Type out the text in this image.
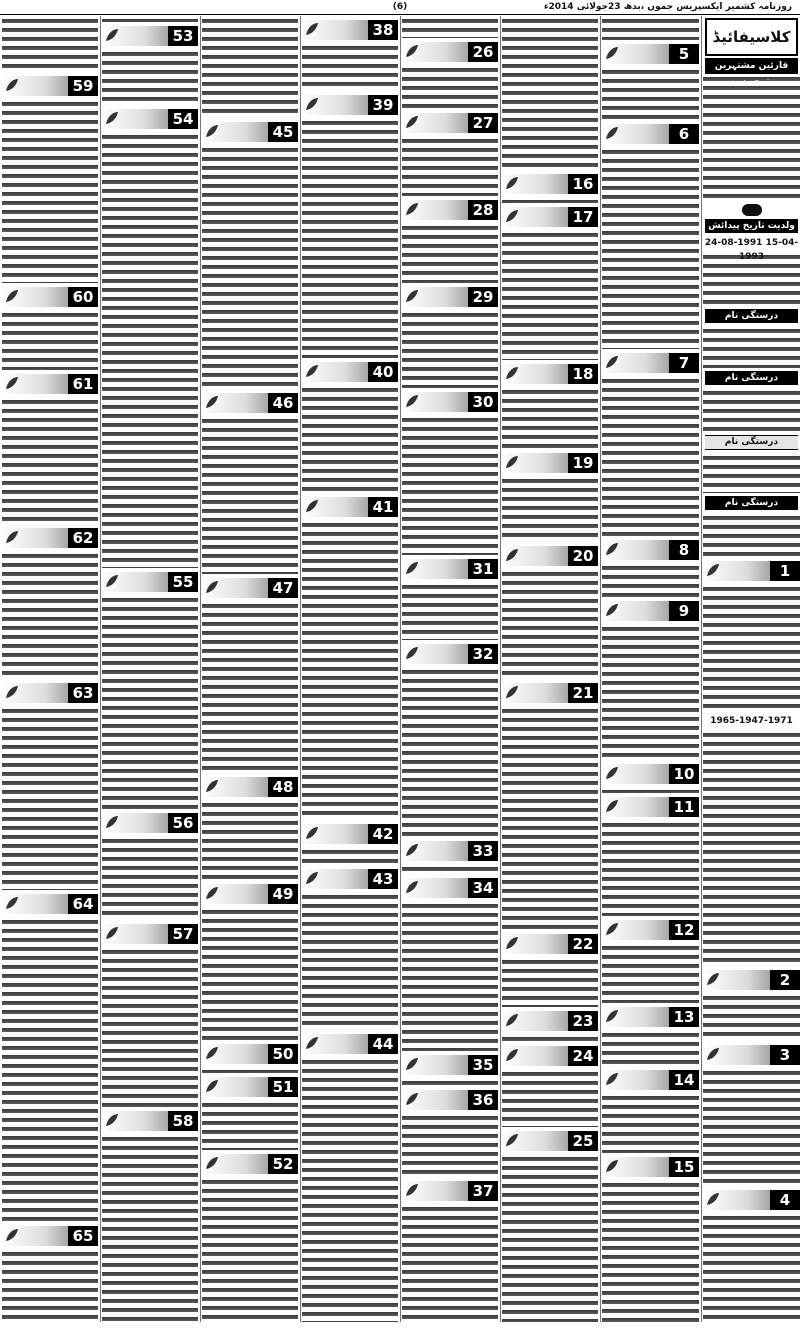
(6)	روزنامہ کشمیر ایکسپریس جموں ،بدھ 23جولائی 2014ء
59
60
61
62
63
64
65
53
54
55
56
57
58
45
46
47
48
49
50
51
52
38
39
40
41
42
43
44
26
27
28
29
30
31
32
33
34
35
36
37
16
17
18
19
20
21
22
23
24
25
5
6
7
8
9
10
11
12
13
14
15
کلاسیفائیڈ
قارئین مشتہرین متوجہ ہوں
ولدیت تاریخ پیدائش
24-08-1991 15-04-1993
درستگی نام
درستگی نام
درستگی نام
درستگی نام
1
1965-1947-1971
2
3
4
